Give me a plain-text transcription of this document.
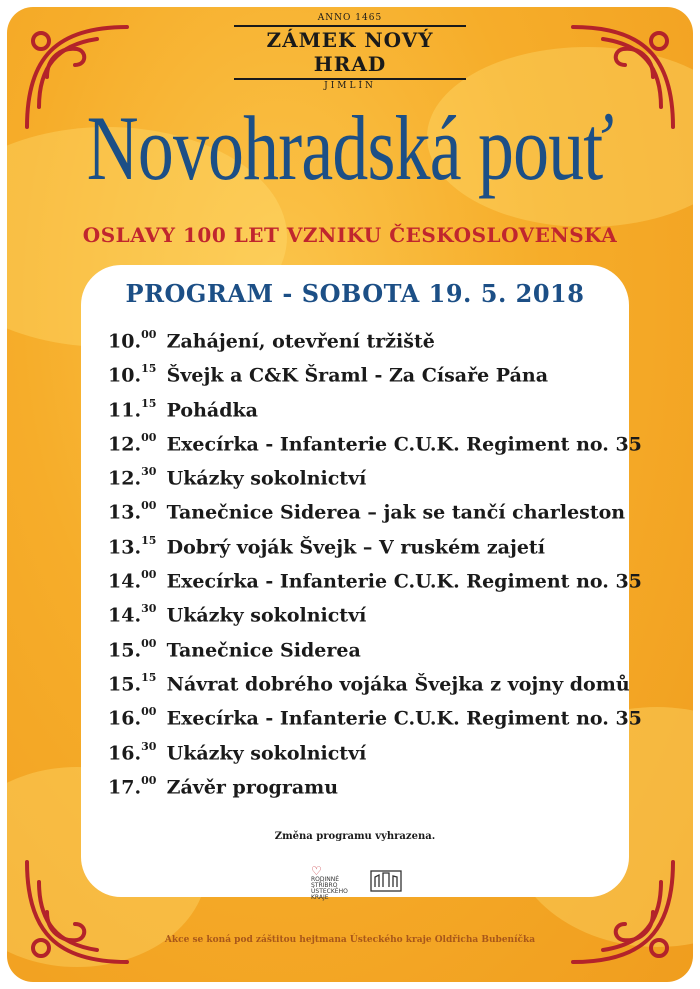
ANNO 1465
ZÁMEK NOVÝ HRAD
JIMLÍN
Novohradská pouť
OSLAVY 100 LET VZNIKU ČESKOSLOVENSKA
PROGRAM - SOBOTA 19. 5. 2018
10.00 Zahájení, otevření tržiště
10.15 Švejk a C&K Šraml - Za Císaře Pána
11.15 Pohádka
12.00 Execírka - Infanterie C.U.K. Regiment no. 35
12.30 Ukázky sokolnictví
13.00 Tanečnice Siderea – jak se tančí charleston
13.15 Dobrý voják Švejk – V ruském zajetí
14.00 Execírka - Infanterie C.U.K. Regiment no. 35
14.30 Ukázky sokolnictví
15.00 Tanečnice Siderea
15.15 Návrat dobrého vojáka Švejka z vojny domů
16.00 Execírka - Infanterie C.U.K. Regiment no. 35
16.30 Ukázky sokolnictví
17.00 Závěr programu
Změna programu vyhrazena.
♡
RODINNÉ
STŘÍBRO
ÚSTECKÉHO KRAJE
Akce se koná pod záštitou hejtmana Ústeckého kraje Oldřicha Bubeníčka
